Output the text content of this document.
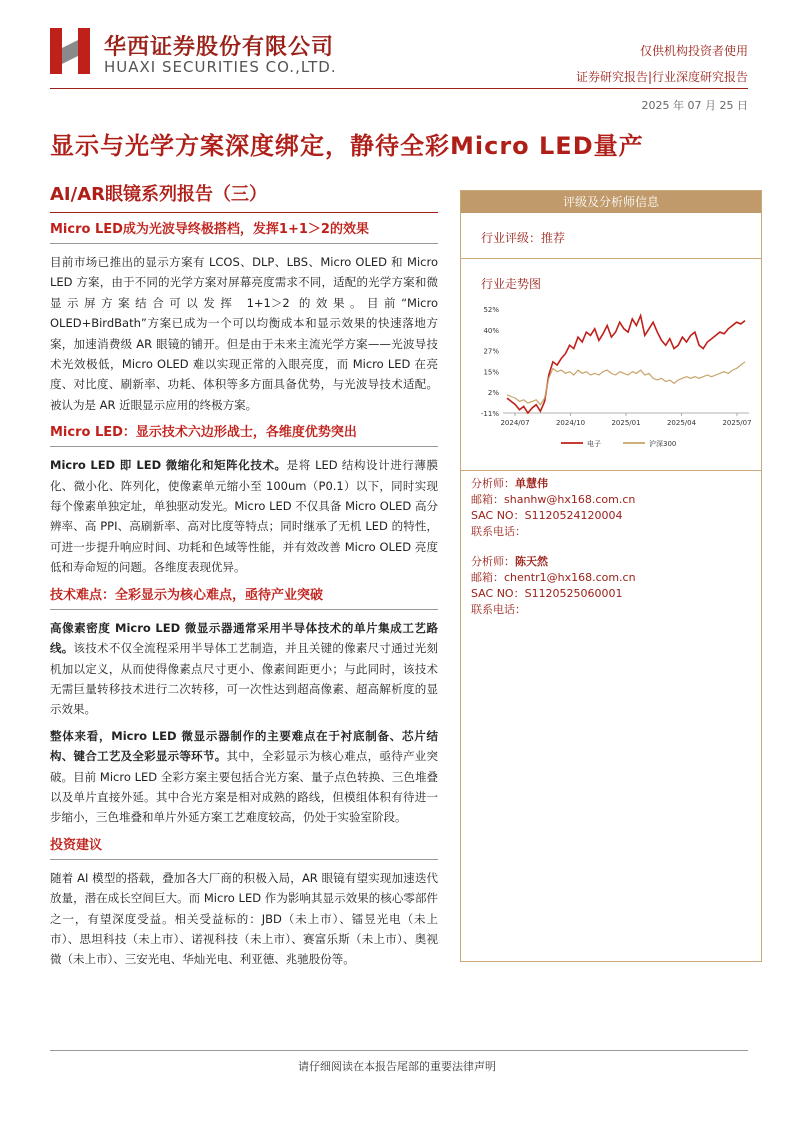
华西证券股份有限公司
HUAXI SECURITIES CO.,LTD.
仅供机构投资者使用
证券研究报告|行业深度研究报告
2025 年 07 月 25 日
显示与光学方案深度绑定，静待全彩Micro LED量产
AI/AR眼镜系列报告（三）
Micro LED成为光波导终极搭档，发挥1+1＞2的效果

目前市场已推出的显示方案有 LCOS、DLP、LBS、Micro OLED 和 Micro LED 方案，由于不同的光学方案对屏幕亮度需求不同，适配的光学方案和微显示屏方案结合可以发挥 1+1＞2 的效果。目前“Micro OLED+BirdBath”方案已成为一个可以均衡成本和显示效果的快速落地方案，加速消费级 AR 眼镜的铺开。但是由于未来主流光学方案——光波导技术光效极低，Micro OLED 难以实现正常的入眼亮度，而 Micro LED 在亮度、对比度、刷新率、功耗、体积等多方面具备优势，与光波导技术适配。被认为是 AR 近眼显示应用的终极方案。

Micro LED：显示技术六边形战士，各维度优势突出

Micro LED 即 LED 微缩化和矩阵化技术。是将 LED 结构设计进行薄膜化、微小化、阵列化，使像素单元缩小至 100um（P0.1）以下，同时实现每个像素单独定址，单独驱动发光。Micro LED 不仅具备 Micro OLED 高分辨率、高 PPI、高刷新率、高对比度等特点；同时继承了无机 LED 的特性，可进一步提升响应时间、功耗和色域等性能，并有效改善 Micro OLED 亮度低和寿命短的问题。各维度表现优异。

技术难点：全彩显示为核心难点，亟待产业突破

高像素密度 Micro LED 微显示器通常采用半导体技术的单片集成工艺路线。该技术不仅全流程采用半导体工艺制造，并且关键的像素尺寸通过光刻机加以定义，从而使得像素点尺寸更小、像素间距更小；与此同时，该技术无需巨量转移技术进行二次转移，可一次性达到超高像素、超高解析度的显示效果。

整体来看，Micro LED 微显示器制作的主要难点在于衬底制备、芯片结构、键合工艺及全彩显示等环节。其中，全彩显示为核心难点，亟待产业突破。目前 Micro LED 全彩方案主要包括合光方案、量子点色转换、三色堆叠以及单片直接外延。其中合光方案是相对成熟的路线，但模组体积有待进一步缩小，三色堆叠和单片外延方案工艺难度较高，仍处于实验室阶段。

投资建议

随着 AI 模型的搭载，叠加各大厂商的积极入局，AR 眼镜有望实现加速迭代放量，潜在成长空间巨大。而 Micro LED 作为影响其显示效果的核心零部件之一，有望深度受益。相关受益标的：JBD（未上市）、镭昱光电（未上市）、思坦科技（未上市）、诺视科技（未上市）、赛富乐斯（未上市）、奥视微（未上市）、三安光电、华灿光电、利亚德、兆驰股份等。

评级及分析师信息
行业评级：推荐
行业走势图
52%
40%
27%
15%
2%
-11%
2024/07	2024/10	2025/01	2025/04	2025/07
电子	沪深300
分析师：单慧伟
邮箱：shanhw@hx168.com.cn
SAC NO：S1120524120004
联系电话：
分析师：陈天然
邮箱：chentr1@hx168.com.cn
SAC NO：S1120525060001
联系电话：
请仔细阅读在本报告尾部的重要法律声明
